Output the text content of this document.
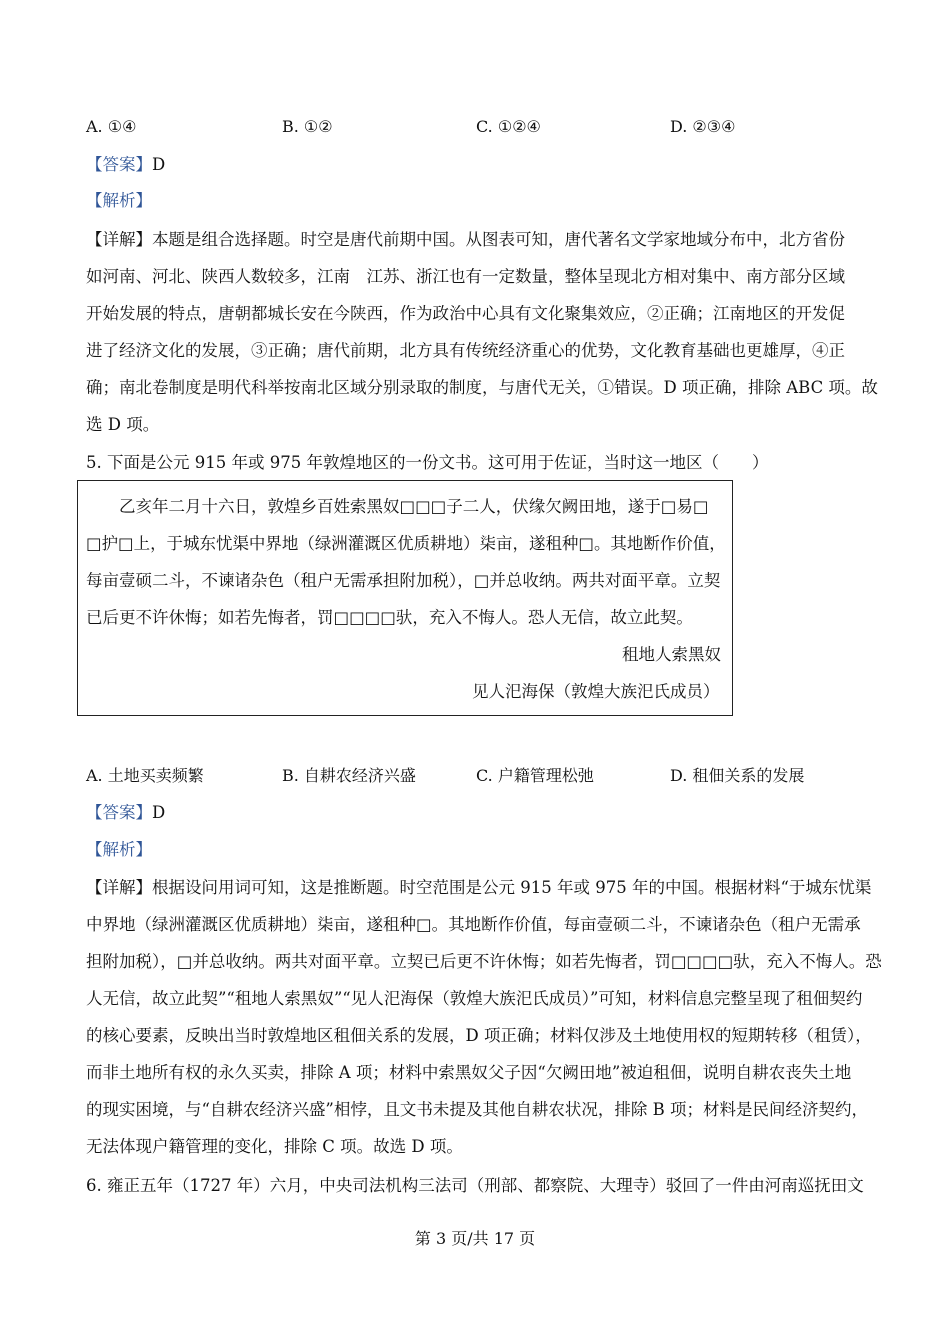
A. ①④	B. ①②	C. ①②④	D. ②③④
【答案】D
【解析】
【详解】本题是组合选择题。时空是唐代前期中国。从图表可知，唐代著名文学家地域分布中，北方省份
如河南、河北、陕西人数较多，江南　江苏、浙江也有一定数量，整体呈现北方相对集中、南方部分区域
开始发展的特点，唐朝都城长安在今陕西，作为政治中心具有文化聚集效应，②正确；江南地区的开发促
进了经济文化的发展，③正确；唐代前期，北方具有传统经济重心的优势，文化教育基础也更雄厚，④正
确；南北卷制度是明代科举按南北区域分别录取的制度，与唐代无关，①错误。D 项正确，排除 ABC 项。故
选 D 项。
5. 下面是公元 915 年或 975 年敦煌地区的一份文书。这可用于佐证，当时这一地区（　　）
　　乙亥年二月十六日，敦煌乡百姓索黑奴□□□子二人，伏缘欠阙田地，遂于□易□
□护□上，于城东忧渠中界地（绿洲灌溉区优质耕地）柒亩，遂租种□。其地断作价值，
每亩壹硕二斗，不谏诸杂色（租户无需承担附加税），□并总收纳。两共对面平章。立契
已后更不许休悔；如若先悔者，罚□□□□驮，充入不悔人。恐人无信，故立此契。
租地人索黑奴
见人汜海保（敦煌大族汜氏成员）
A. 土地买卖频繁	B. 自耕农经济兴盛	C. 户籍管理松弛	D. 租佃关系的发展
【答案】D
【解析】
【详解】根据设问用词可知，这是推断题。时空范围是公元 915 年或 975 年的中国。根据材料“于城东忧渠
中界地（绿洲灌溉区优质耕地）柒亩，遂租种□。其地断作价值，每亩壹硕二斗，不谏诸杂色（租户无需承
担附加税），□并总收纳。两共对面平章。立契已后更不许休悔；如若先悔者，罚□□□□驮，充入不悔人。恐
人无信，故立此契”“租地人索黑奴”“见人汜海保（敦煌大族汜氏成员）”可知，材料信息完整呈现了租佃契约
的核心要素，反映出当时敦煌地区租佃关系的发展，D 项正确；材料仅涉及土地使用权的短期转移（租赁），
而非土地所有权的永久买卖，排除 A 项；材料中索黑奴父子因“欠阙田地”被迫租佃，说明自耕农丧失土地
的现实困境，与“自耕农经济兴盛”相悖，且文书未提及其他自耕农状况，排除 B 项；材料是民间经济契约，
无法体现户籍管理的变化，排除 C 项。故选 D 项。
6. 雍正五年（1727 年）六月，中央司法机构三法司（刑部、都察院、大理寺）驳回了一件由河南巡抚田文
第 3 页/共 17 页
